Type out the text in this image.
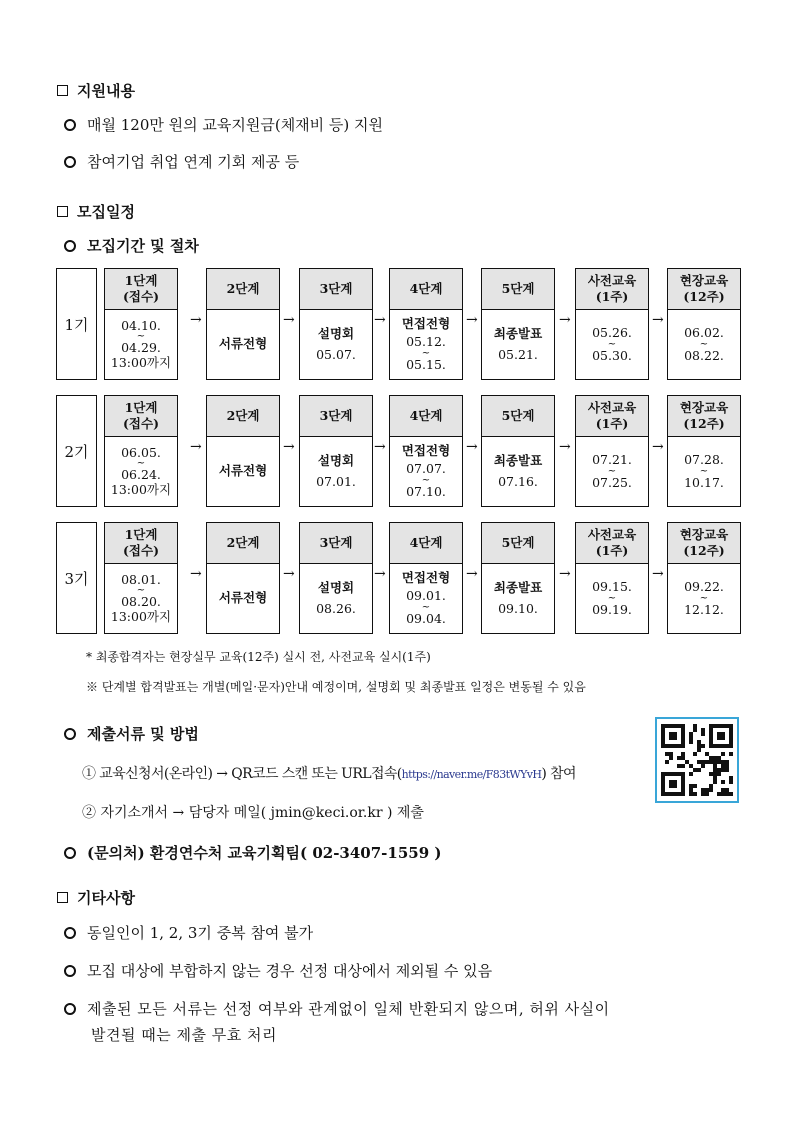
지원내용
매월 120만 원의 교육지원금(체재비 등) 지원
참여기업 취업 연계 기회 제공 등
모집일정
모집기간 및 절차
1기
1단계
(접수)
04.10.
~
04.29.
13:00까지
→
2단계
서류전형
→
3단계
설명회
05.07.
→
4단계
면접전형
05.12.
~
05.15.
→
5단계
최종발표
05.21.
→
사전교육
(1주)
05.26.
~
05.30.
→
현장교육
(12주)
06.02.
~
08.22.
2기
1단계
(접수)
06.05.
~
06.24.
13:00까지
→
2단계
서류전형
→
3단계
설명회
07.01.
→
4단계
면접전형
07.07.
~
07.10.
→
5단계
최종발표
07.16.
→
사전교육
(1주)
07.21.
~
07.25.
→
현장교육
(12주)
07.28.
~
10.17.
3기
1단계
(접수)
08.01.
~
08.20.
13:00까지
→
2단계
서류전형
→
3단계
설명회
08.26.
→
4단계
면접전형
09.01.
~
09.04.
→
5단계
최종발표
09.10.
→
사전교육
(1주)
09.15.
~
09.19.
→
현장교육
(12주)
09.22.
~
12.12.
* 최종합격자는 현장실무 교육(12주) 실시 전, 사전교육 실시(1주)
※ 단계별 합격발표는 개별(메일·문자)안내 예정이며, 설명회 및 최종발표 일정은 변동될 수 있음
제출서류 및 방법
① 교육신청서(온라인) → QR코드 스캔 또는 URL접속(https://naver.me/F83tWYvH) 참여
② 자기소개서 → 담당자 메일( jmin@keci.or.kr ) 제출
(문의처) 환경연수처 교육기획팀( 02-3407-1559 )
기타사항
동일인이 1, 2, 3기 중복 참여 불가
모집 대상에 부합하지 않는 경우 선정 대상에서 제외될 수 있음
제출된 모든 서류는 선정 여부와 관계없이 일체 반환되지 않으며, 허위 사실이
발견될 때는 제출 무효 처리
